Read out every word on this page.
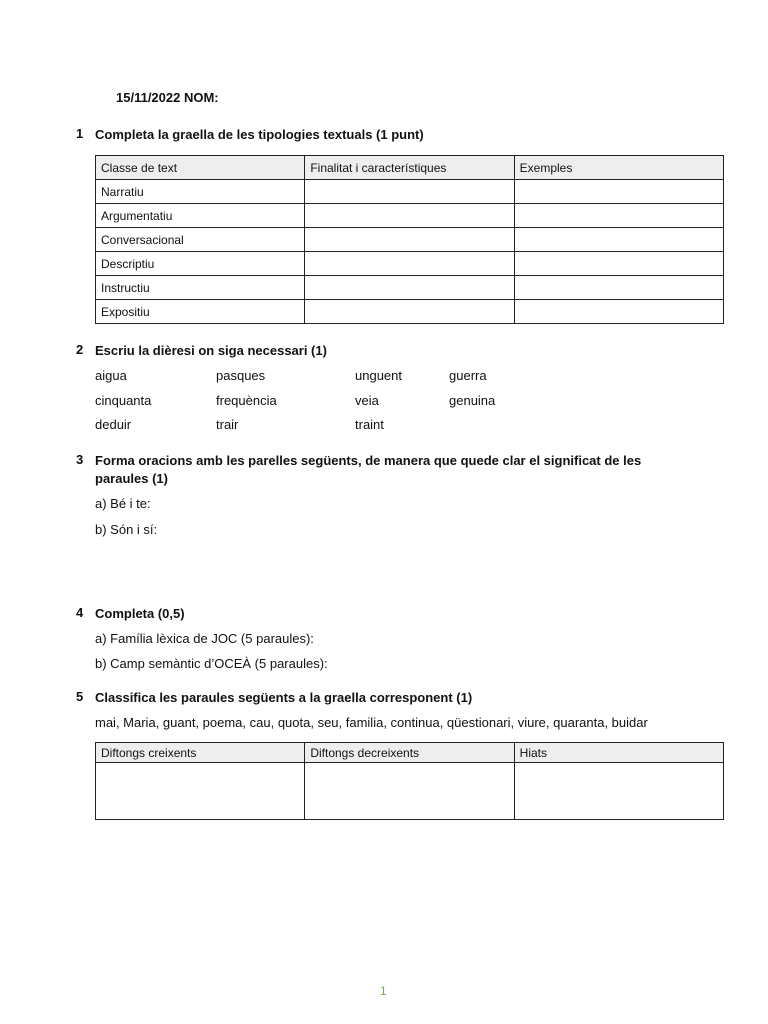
15/11/2022 NOM:
1 Completa la graella de les tipologies textuals (1 punt)
Classe de text	Finalitat i característiques	Exemples
Narratiu		
Argumentatiu		
Conversacional		
Descriptiu		
Instructiu		
Expositiu		
2 Escriu la dièresi on siga necessari (1)
aigua	pasques	unguent	guerra
cinquanta	frequència	veia	genuina
deduir	trair	traint
3 Forma oracions amb les parelles següents, de manera que quede clar el significat de les
paraules (1)
a) Bé i te:
b) Són i sí:
4 Completa (0,5)
a) Família lèxica de JOC (5 paraules):
b) Camp semàntic d’OCEÀ (5 paraules):
5 Classifica les paraules següents a la graella corresponent (1)
mai, Maria, guant, poema, cau, quota, seu, familia, continua, qüestionari, viure, quaranta, buidar
Diftongs creixents	Diftongs decreixents	Hiats

1
